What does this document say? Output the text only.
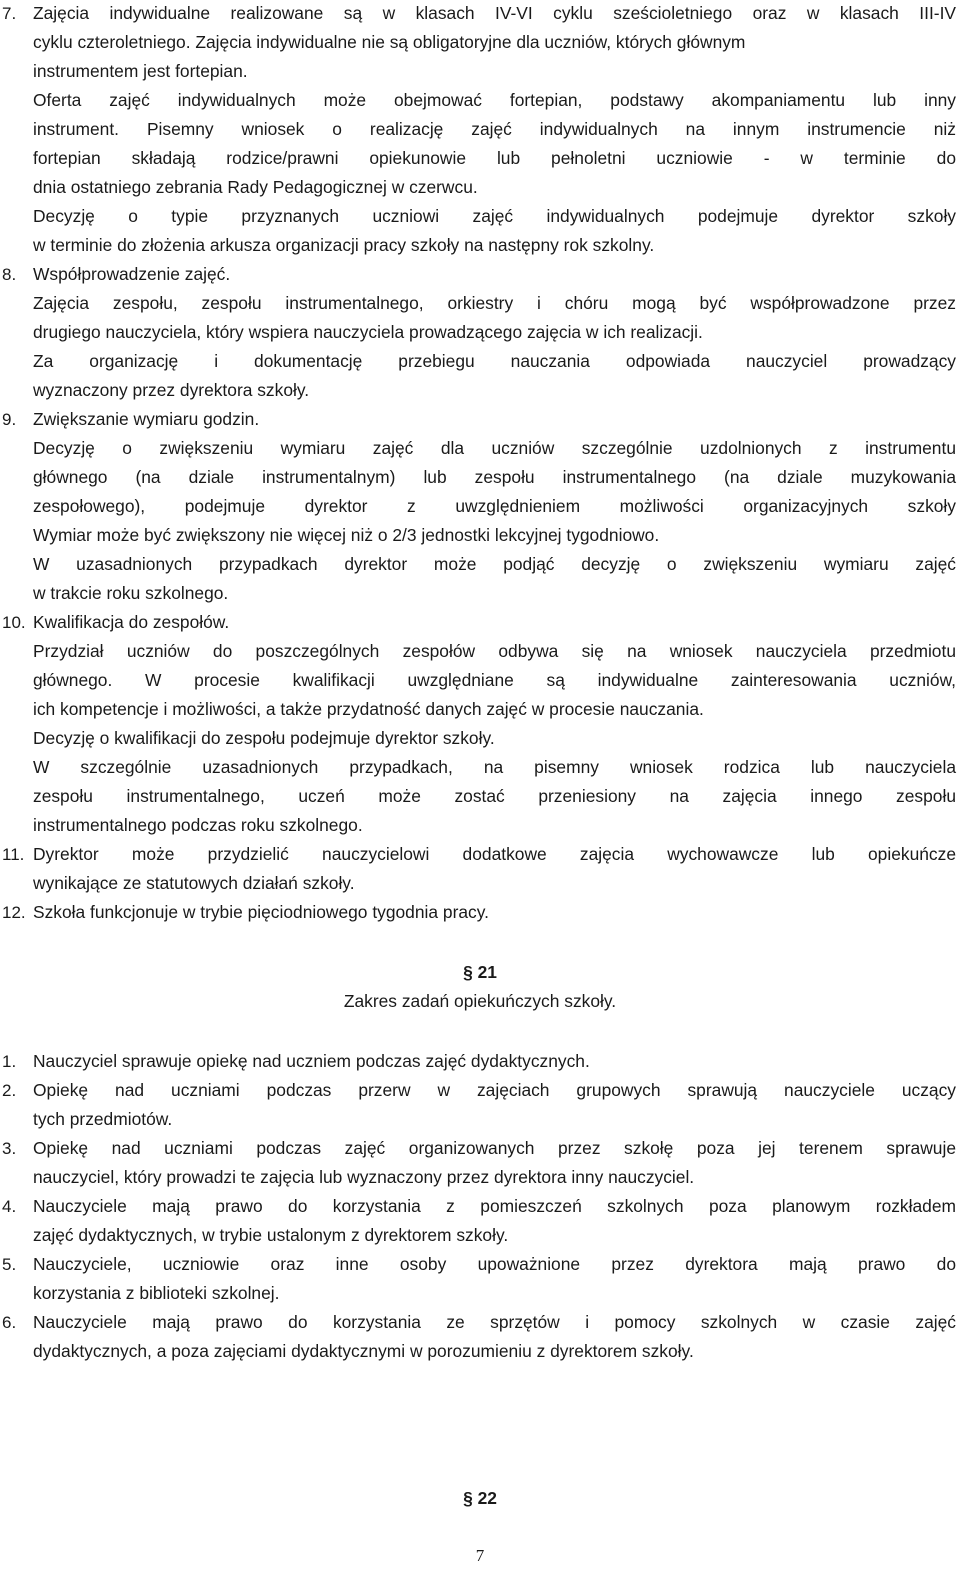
7. Zajęcia indywidualne realizowane są w klasach IV-VI cyklu sześcioletniego oraz w klasach III-IV
cyklu czteroletniego. Zajęcia indywidualne nie są obligatoryjne dla uczniów, których głównym
instrumentem jest fortepian.
Oferta zajęć indywidualnych może obejmować fortepian, podstawy akompaniamentu lub inny
instrument. Pisemny wniosek o realizację zajęć indywidualnych na innym instrumencie niż
fortepian składają rodzice/prawni opiekunowie lub pełnoletni uczniowie - w terminie do
dnia ostatniego zebrania Rady Pedagogicznej w czerwcu.
Decyzję o typie przyznanych uczniowi zajęć indywidualnych podejmuje dyrektor szkoły
w terminie do złożenia arkusza organizacji pracy szkoły na następny rok szkolny.
8. Współprowadzenie zajęć.
Zajęcia zespołu, zespołu instrumentalnego, orkiestry i chóru mogą być współprowadzone przez
drugiego nauczyciela, który wspiera nauczyciela prowadzącego zajęcia w ich realizacji.
Za organizację i dokumentację przebiegu nauczania odpowiada nauczyciel prowadzący
wyznaczony przez dyrektora szkoły.
9. Zwiększanie wymiaru godzin.
Decyzję o zwiększeniu wymiaru zajęć dla uczniów szczególnie uzdolnionych z instrumentu
głównego (na dziale instrumentalnym) lub zespołu instrumentalnego (na dziale muzykowania
zespołowego), podejmuje dyrektor z uwzględnieniem możliwości organizacyjnych szkoły
Wymiar może być zwiększony nie więcej niż o 2/3 jednostki lekcyjnej tygodniowo.
W uzasadnionych przypadkach dyrektor może podjąć decyzję o zwiększeniu wymiaru zajęć
w trakcie roku szkolnego.
10. Kwalifikacja do zespołów.
Przydział uczniów do poszczególnych zespołów odbywa się na wniosek nauczyciela przedmiotu
głównego. W procesie kwalifikacji uwzględniane są indywidualne zainteresowania uczniów,
ich kompetencje i możliwości, a także przydatność danych zajęć w procesie nauczania.
Decyzję o kwalifikacji do zespołu podejmuje dyrektor szkoły.
W szczególnie uzasadnionych przypadkach, na pisemny wniosek rodzica lub nauczyciela
zespołu instrumentalnego, uczeń może zostać przeniesiony na zajęcia innego zespołu
instrumentalnego podczas roku szkolnego.
11. Dyrektor może przydzielić nauczycielowi dodatkowe zajęcia wychowawcze lub opiekuńcze
wynikające ze statutowych działań szkoły.
12. Szkoła funkcjonuje w trybie pięciodniowego tygodnia pracy.
§ 21
Zakres zadań opiekuńczych szkoły.
1. Nauczyciel sprawuje opiekę nad uczniem podczas zajęć dydaktycznych.
2. Opiekę nad uczniami podczas przerw w zajęciach grupowych sprawują nauczyciele uczący
tych przedmiotów.
3. Opiekę nad uczniami podczas zajęć organizowanych przez szkołę poza jej terenem sprawuje
nauczyciel, który prowadzi te zajęcia lub wyznaczony przez dyrektora inny nauczyciel.
4. Nauczyciele mają prawo do korzystania z pomieszczeń szkolnych poza planowym rozkładem
zajęć dydaktycznych, w trybie ustalonym z dyrektorem szkoły.
5. Nauczyciele, uczniowie oraz inne osoby upoważnione przez dyrektora mają prawo do
korzystania z biblioteki szkolnej.
6. Nauczyciele mają prawo do korzystania ze sprzętów i pomocy szkolnych w czasie zajęć
dydaktycznych, a poza zajęciami dydaktycznymi w porozumieniu z dyrektorem szkoły.
§ 22
7
